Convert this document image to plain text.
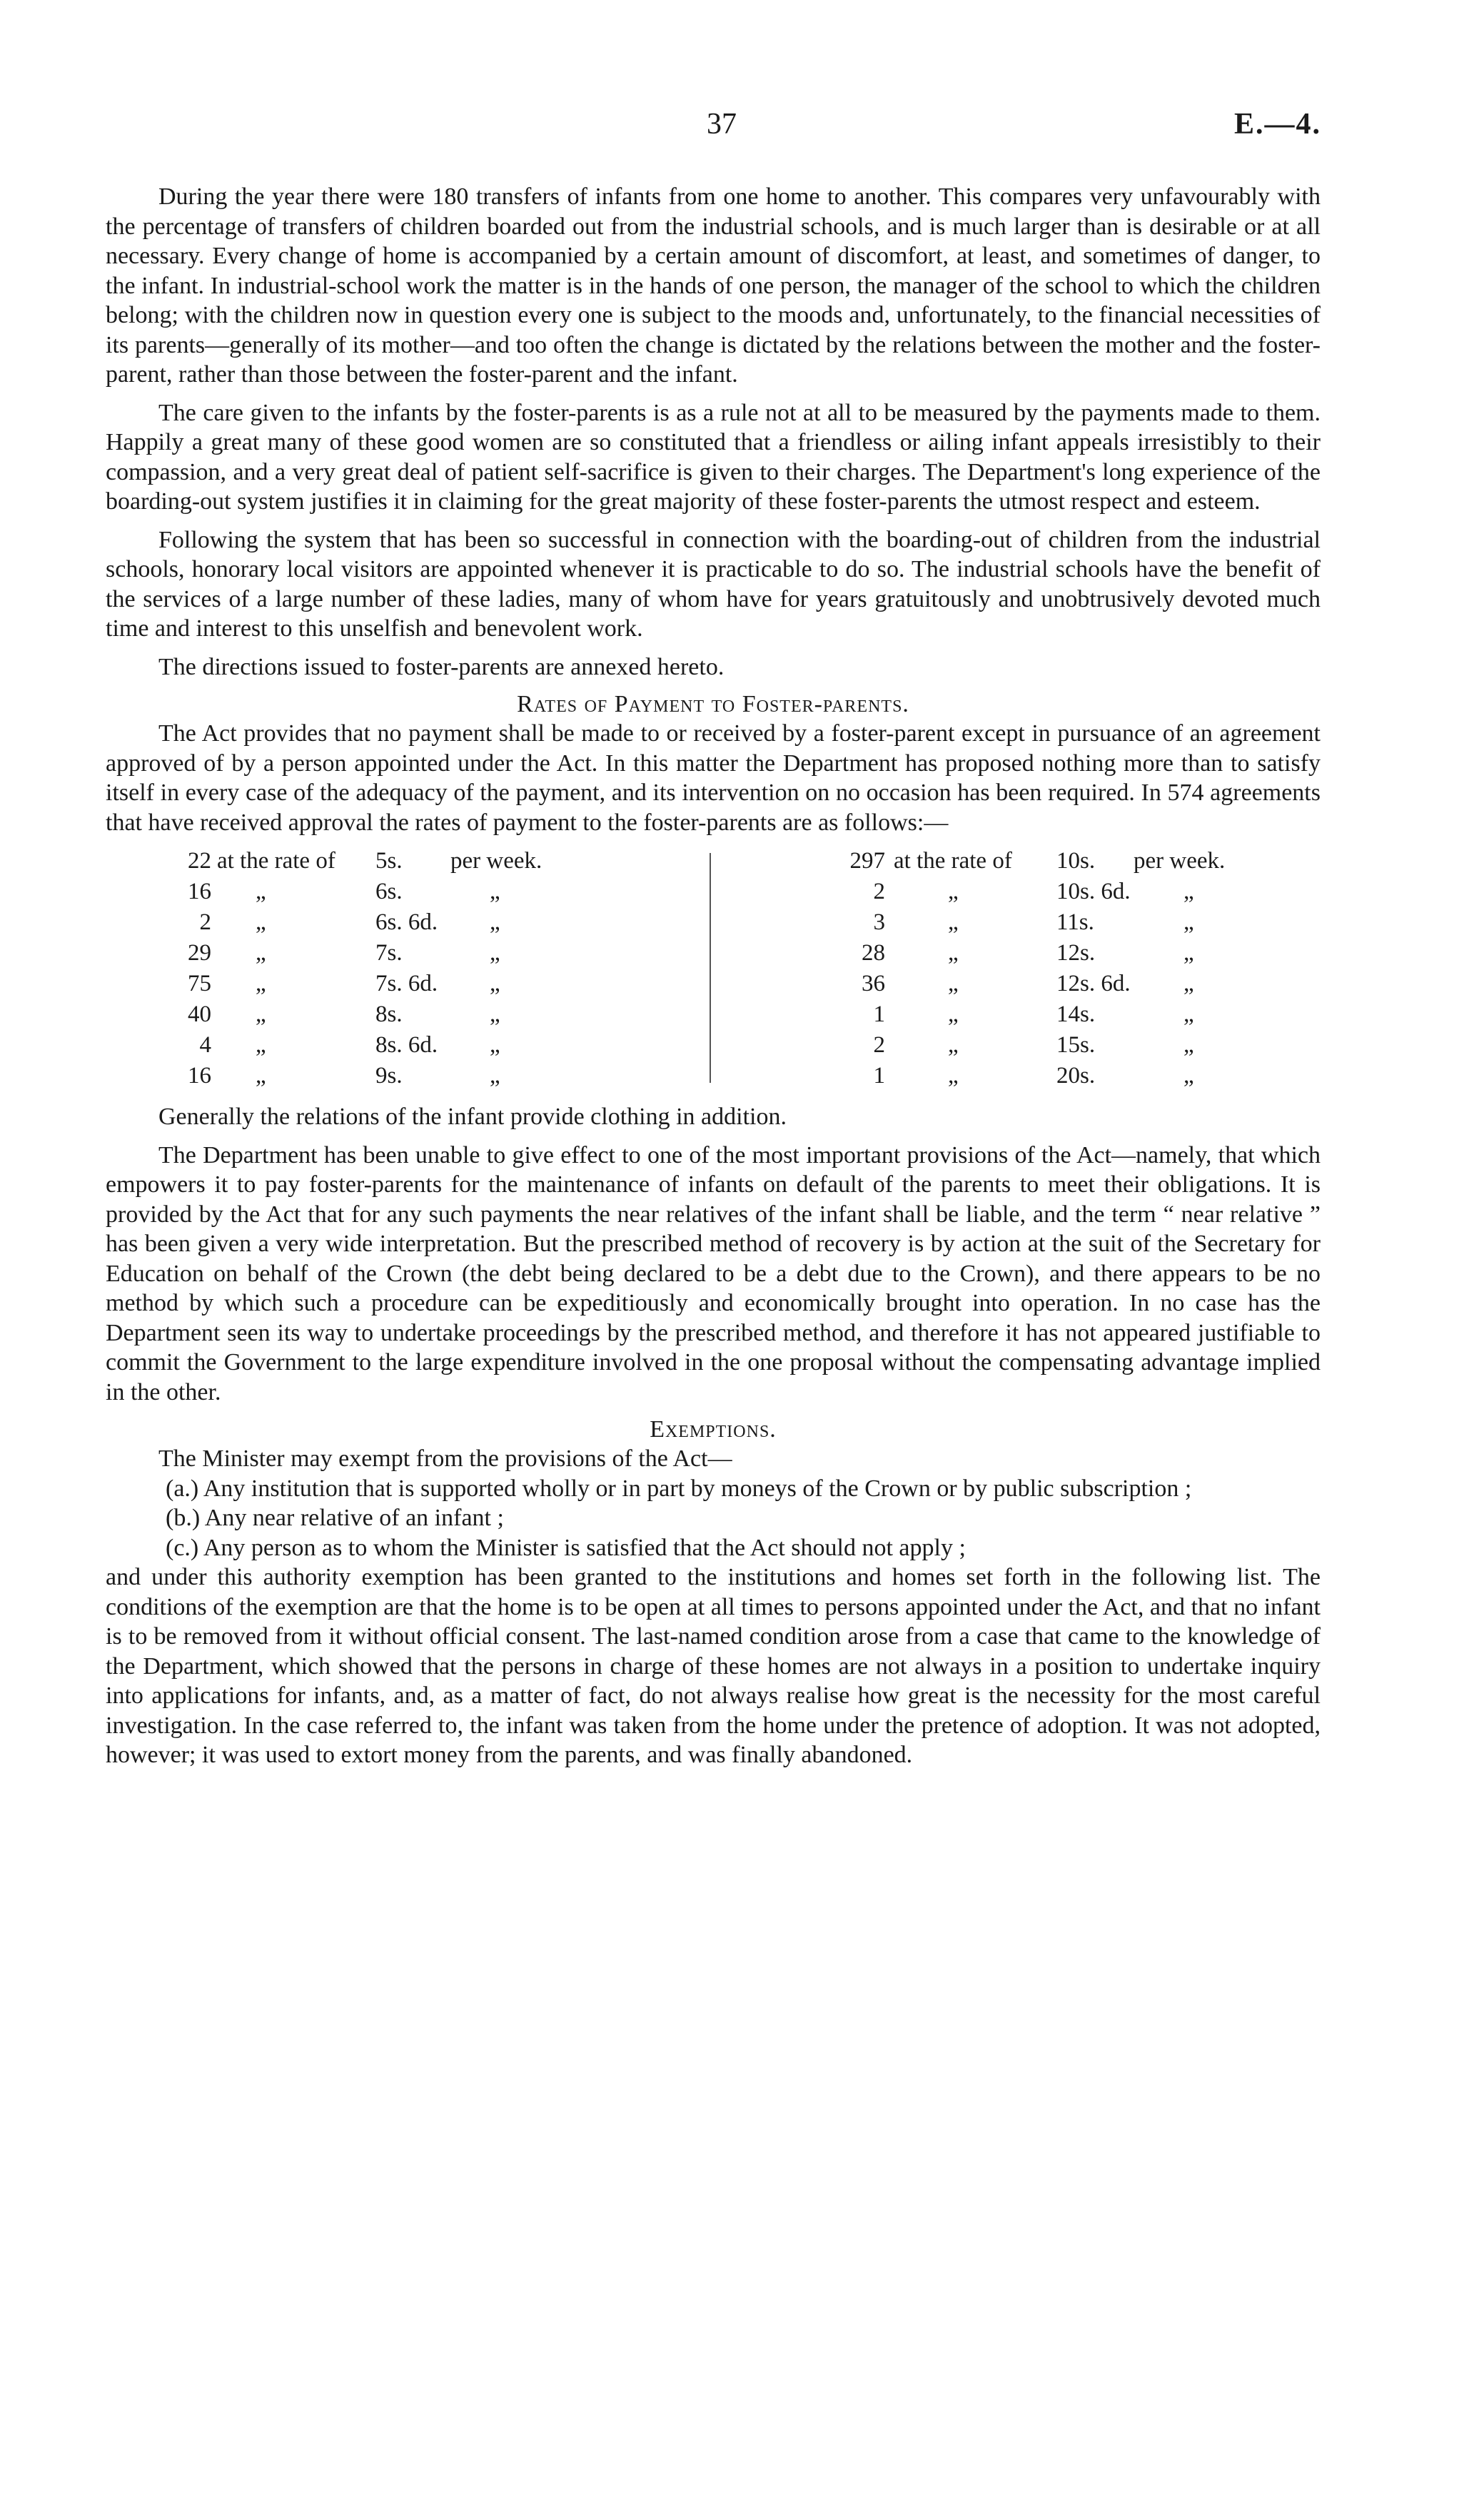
37	E.—4.

During the year there were 180 transfers of infants from one home to another. This compares very unfavourably with the percentage of transfers of children boarded out from the industrial schools, and is much larger than is desirable or at all necessary. Every change of home is accompanied by a certain amount of discomfort, at least, and sometimes of danger, to the infant. In industrial-school work the matter is in the hands of one person, the manager of the school to which the children belong; with the children now in question every one is subject to the moods and, unfortunately, to the financial necessities of its parents—generally of its mother—and too often the change is dictated by the relations between the mother and the foster-parent, rather than those between the foster-parent and the infant.

The care given to the infants by the foster-parents is as a rule not at all to be measured by the payments made to them. Happily a great many of these good women are so constituted that a friendless or ailing infant appeals irresistibly to their compassion, and a very great deal of patient self-sacrifice is given to their charges. The Department's long experience of the boarding-out system justifies it in claiming for the great majority of these foster-parents the utmost respect and esteem.

Following the system that has been so successful in connection with the boarding-out of children from the industrial schools, honorary local visitors are appointed whenever it is practicable to do so. The industrial schools have the benefit of the services of a large number of these ladies, many of whom have for years gratuitously and unobtrusively devoted much time and interest to this unselfish and benevolent work.

The directions issued to foster-parents are annexed hereto.

Rates of Payment to Foster-parents.

The Act provides that no payment shall be made to or received by a foster-parent except in pursuance of an agreement approved of by a person appointed under the Act. In this matter the Department has proposed nothing more than to satisfy itself in every case of the adequacy of the payment, and its intervention on no occasion has been required. In 574 agreements that have received approval the rates of payment to the foster-parents are as follows:—

22 at the rate of 5s. per week.
16 „	6s.	„
2 „	6s. 6d. „
29 „	7s.	„
75 „	7s. 6d. „
40 „	8s.	„
4 „	8s. 6d. „
16 „	9s.	„
297 at the rate of 10s. per week.
2	„	10s. 6d. „
3	„	11s.	„
28	„	12s.	„
36	„	12s. 6d. „
1	„	14s.	„
2	„	15s.	„
1	„	20s.	„

Generally the relations of the infant provide clothing in addition.

The Department has been unable to give effect to one of the most important provisions of the Act—namely, that which empowers it to pay foster-parents for the maintenance of infants on default of the parents to meet their obligations. It is provided by the Act that for any such payments the near relatives of the infant shall be liable, and the term “ near relative ” has been given a very wide interpretation. But the prescribed method of recovery is by action at the suit of the Secretary for Education on behalf of the Crown (the debt being declared to be a debt due to the Crown), and there appears to be no method by which such a procedure can be expeditiously and economically brought into operation. In no case has the Department seen its way to undertake proceedings by the prescribed method, and therefore it has not appeared justifiable to commit the Government to the large expenditure involved in the one proposal without the compensating advantage implied in the other.

Exemptions.

The Minister may exempt from the provisions of the Act—

(a.) Any institution that is supported wholly or in part by moneys of the Crown or by public subscription ;

(b.) Any near relative of an infant ;

(c.) Any person as to whom the Minister is satisfied that the Act should not apply ;

and under this authority exemption has been granted to the institutions and homes set forth in the following list. The conditions of the exemption are that the home is to be open at all times to persons appointed under the Act, and that no infant is to be removed from it without official consent. The last-named condition arose from a case that came to the knowledge of the Department, which showed that the persons in charge of these homes are not always in a position to undertake inquiry into applications for infants, and, as a matter of fact, do not always realise how great is the necessity for the most careful investigation. In the case referred to, the infant was taken from the home under the pretence of adoption. It was not adopted, however; it was used to extort money from the parents, and was finally abandoned.
